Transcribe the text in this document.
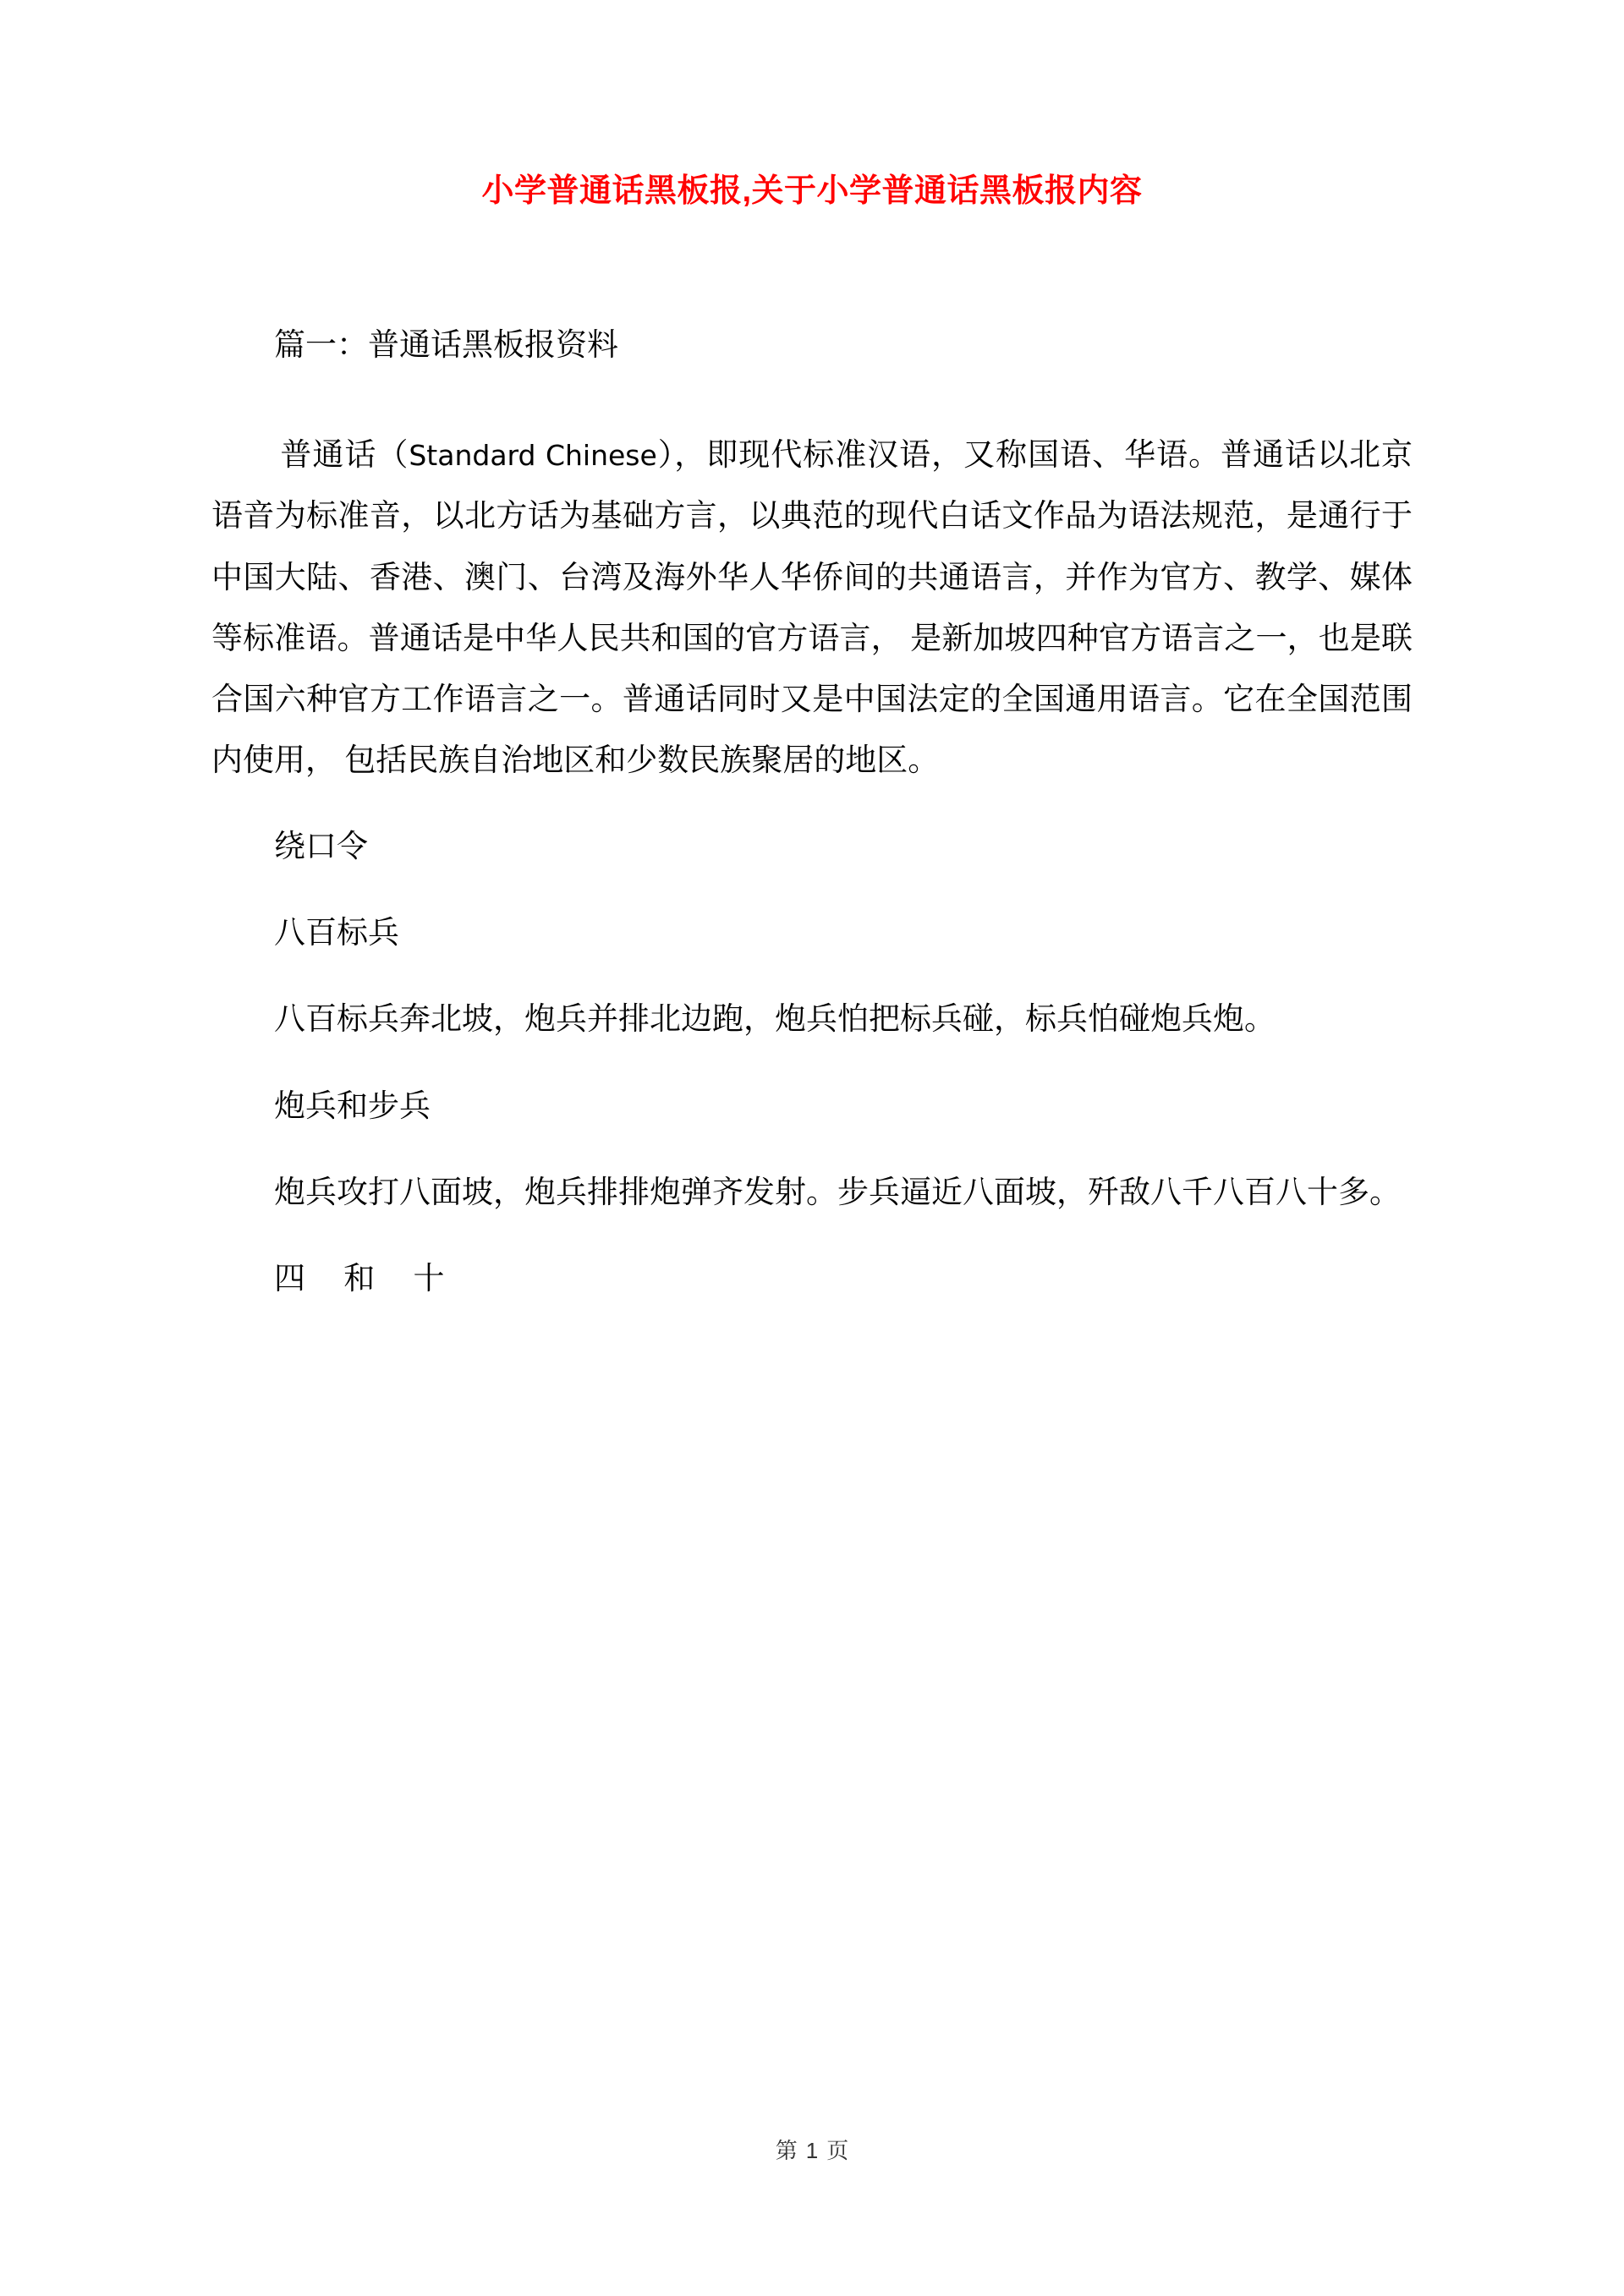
小学普通话黑板报,关于小学普通话黑板报内容

篇一：普通话黑板报资料

普通话（Standard Chinese），即现代标准汉语，又称国语、华语。普通话以北京语音为标准音，以北方话为基础方言，以典范的现代白话文作品为语法规范，是通行于中国大陆、香港、澳门、台湾及海外华人华侨间的共通语言，并作为官方、教学、媒体等标准语。普通话是中华人民共和国的官方语言， 是新加坡四种官方语言之一，也是联合国六种官方工作语言之一。普通话同时又是中国法定的全国通用语言。它在全国范围内使用， 包括民族自治地区和少数民族聚居的地区。

绕口令

八百标兵

八百标兵奔北坡，炮兵并排北边跑，炮兵怕把标兵碰，标兵怕碰炮兵炮。

炮兵和步兵

炮兵攻打八面坡，炮兵排排炮弹齐发射。步兵逼近八面坡，歼敌八千八百八十多。

四 和 十

第 1 页
